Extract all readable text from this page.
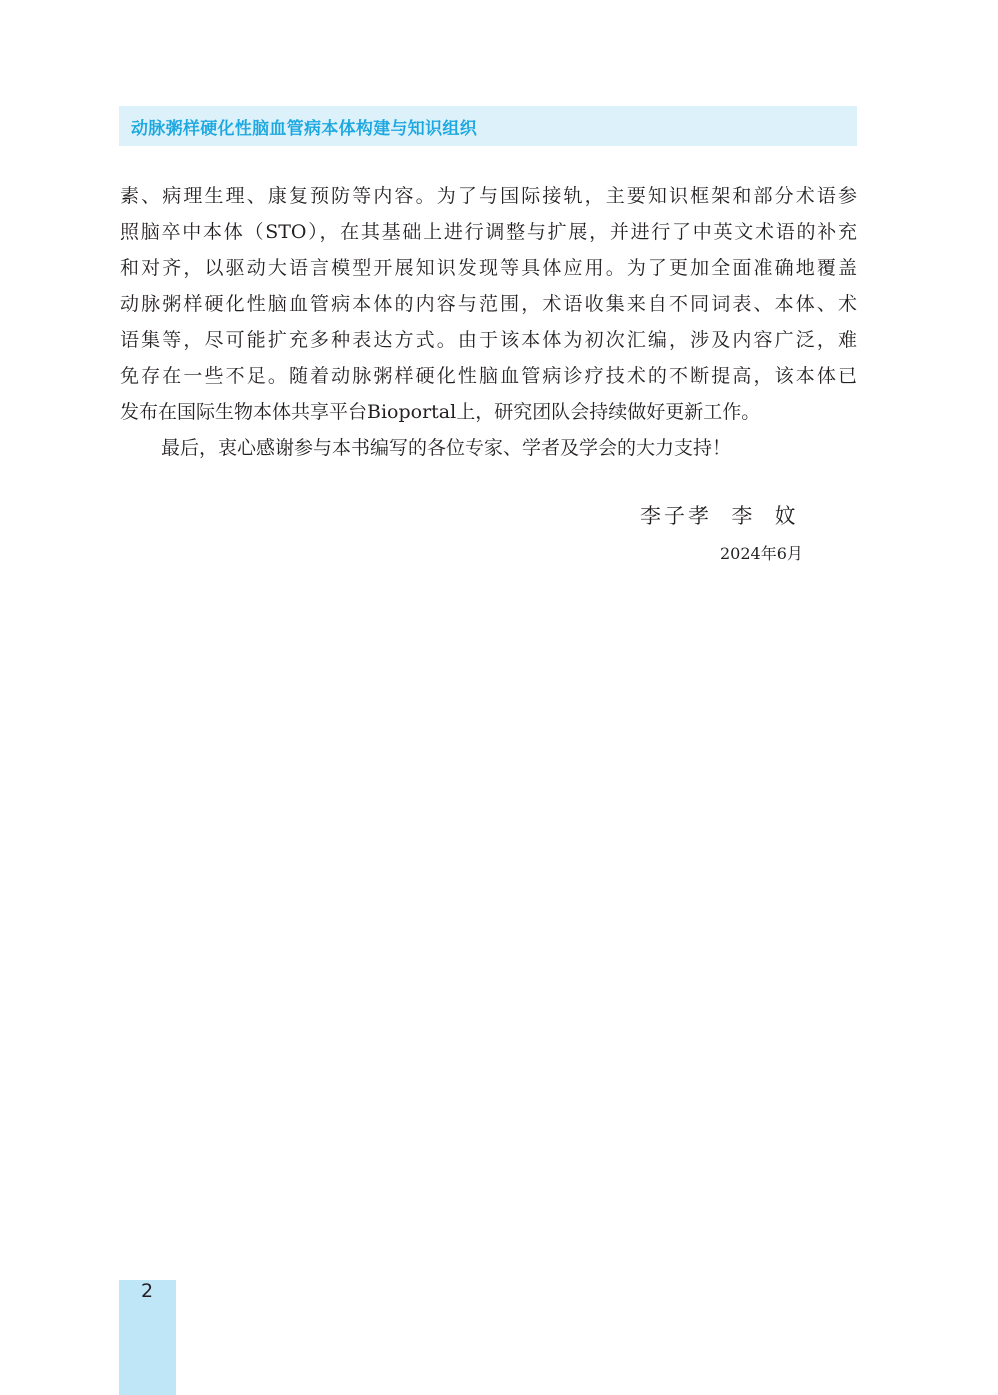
动脉粥样硬化性脑血管病本体构建与知识组织
素、病理生理、康复预防等内容。为了与国际接轨，主要知识框架和部分术语参
照脑卒中本体（STO），在其基础上进行调整与扩展，并进行了中英文术语的补充
和对齐，以驱动大语言模型开展知识发现等具体应用。为了更加全面准确地覆盖
动脉粥样硬化性脑血管病本体的内容与范围，术语收集来自不同词表、本体、术
语集等，尽可能扩充多种表达方式。由于该本体为初次汇编，涉及内容广泛，难
免存在一些不足。随着动脉粥样硬化性脑血管病诊疗技术的不断提高，该本体已
发布在国际生物本体共享平台Bioportal上，研究团队会持续做好更新工作。
最后，衷心感谢参与本书编写的各位专家、学者及学会的大力支持！
李子孝  李  妏
2024年6月
2
